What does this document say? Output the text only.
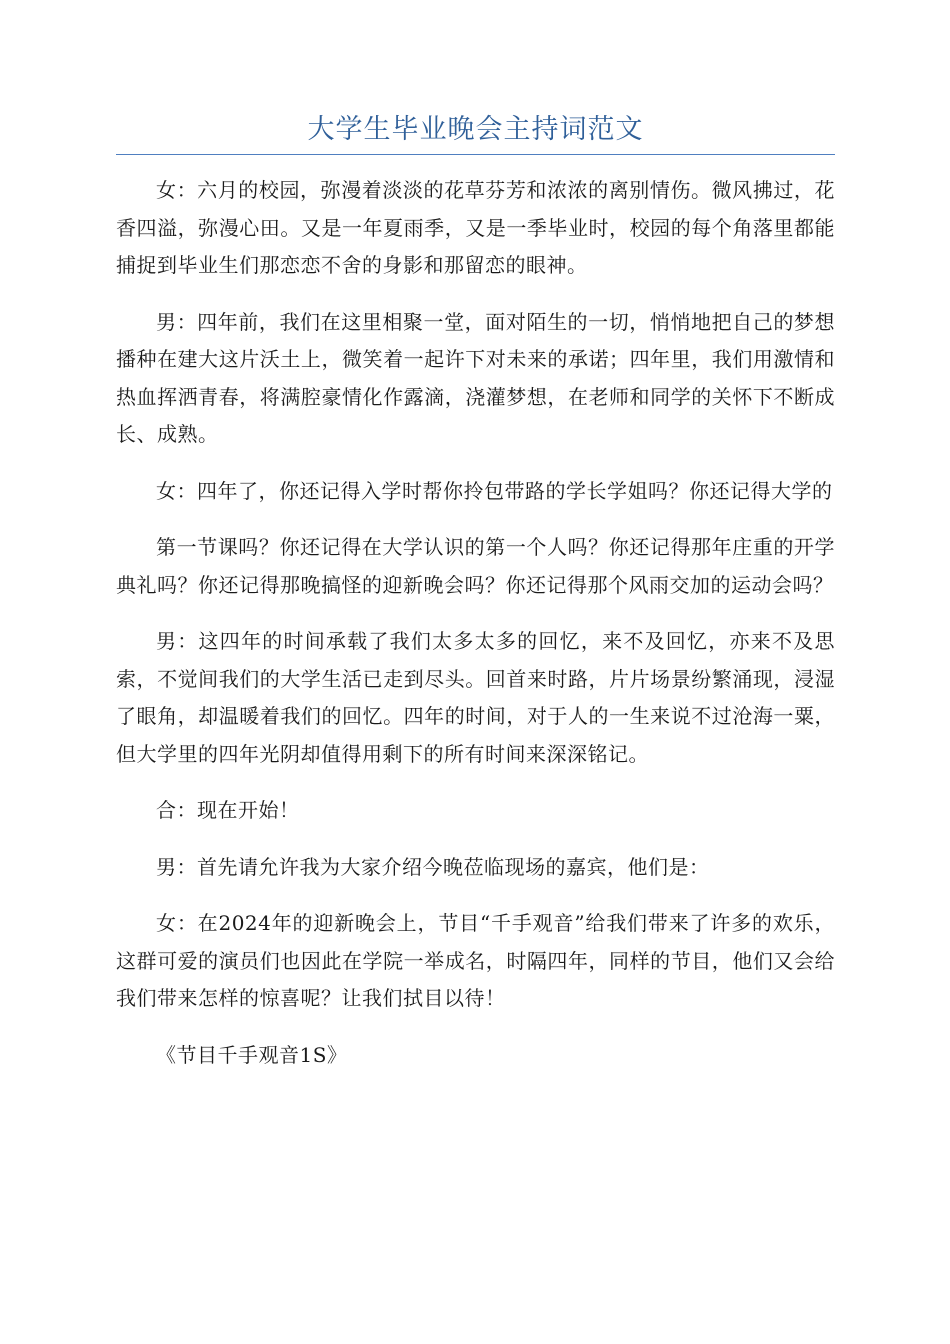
大学生毕业晚会主持词范文

女：六月的校园，弥漫着淡淡的花草芬芳和浓浓的离别情伤。微风拂过，花香四溢，弥漫心田。又是一年夏雨季，又是一季毕业时，校园的每个角落里都能捕捉到毕业生们那恋恋不舍的身影和那留恋的眼神。

男：四年前，我们在这里相聚一堂，面对陌生的一切，悄悄地把自己的梦想播种在建大这片沃土上，微笑着一起许下对未来的承诺；四年里，我们用激情和热血挥洒青春，将满腔豪情化作露滴，浇灌梦想，在老师和同学的关怀下不断成长、成熟。

女：四年了，你还记得入学时帮你拎包带路的学长学姐吗？你还记得大学的

第一节课吗？你还记得在大学认识的第一个人吗？你还记得那年庄重的开学典礼吗？你还记得那晚搞怪的迎新晚会吗？你还记得那个风雨交加的运动会吗？

男：这四年的时间承载了我们太多太多的回忆，来不及回忆，亦来不及思索，不觉间我们的大学生活已走到尽头。回首来时路，片片场景纷繁涌现，浸湿了眼角，却温暖着我们的回忆。四年的时间，对于人的一生来说不过沧海一粟，但大学里的四年光阴却值得用剩下的所有时间来深深铭记。

合：现在开始！

男：首先请允许我为大家介绍今晚莅临现场的嘉宾，他们是：

女：在2024年的迎新晚会上，节目“千手观音”给我们带来了许多的欢乐，这群可爱的演员们也因此在学院一举成名，时隔四年，同样的节目，他们又会给我们带来怎样的惊喜呢？让我们拭目以待！

《节目千手观音1S》
